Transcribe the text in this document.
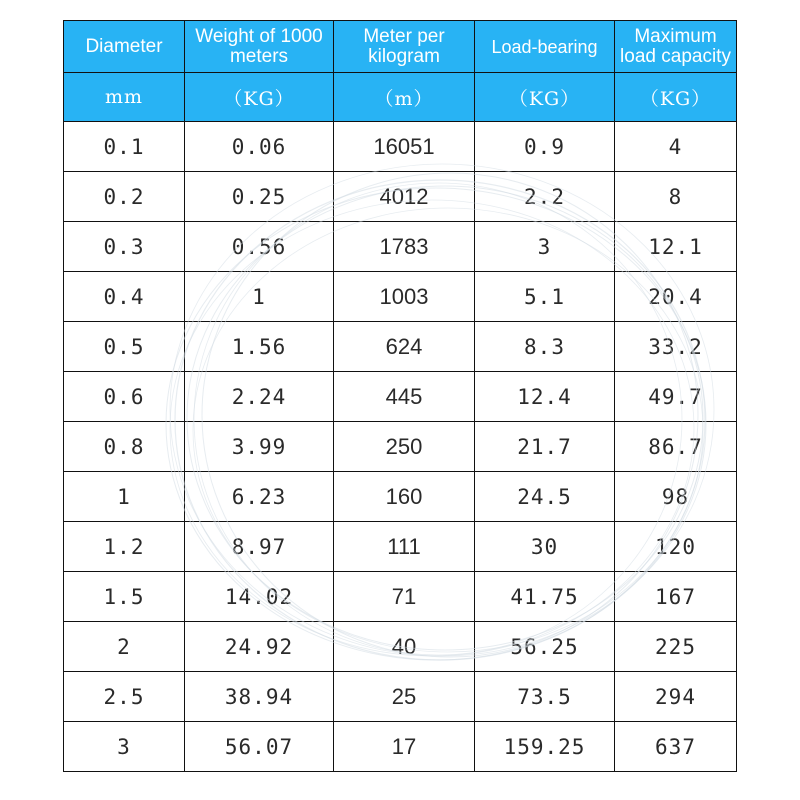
Diameter	Weight of 1000 meters	Meter per kilogram	Load-bearing	Maximum load capacity
mm	（KG）	（m）	（KG）	（KG）
0.1	0.06	16051	0.9	4
0.2	0.25	4012	2.2	8
0.3	0.56	1783	3	12.1
0.4	1	1003	5.1	20.4
0.5	1.56	624	8.3	33.2
0.6	2.24	445	12.4	49.7
0.8	3.99	250	21.7	86.7
1	6.23	160	24.5	98
1.2	8.97	111	30	120
1.5	14.02	71	41.75	167
2	24.92	40	56.25	225
2.5	38.94	25	73.5	294
3	56.07	17	159.25	637
